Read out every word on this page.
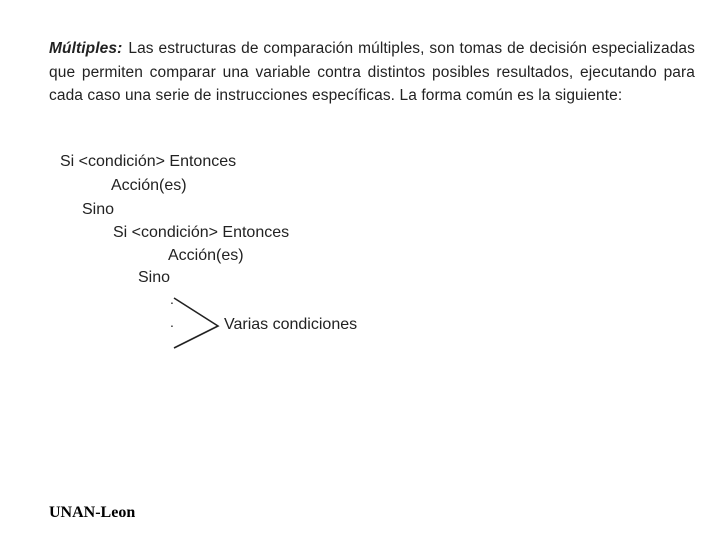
Múltiples: Las estructuras de comparación múltiples, son tomas de decisión especializadas que permiten comparar una variable contra distintos posibles resultados, ejecutando para cada caso una serie de instrucciones específicas. La forma común es la siguiente:
Si <condición> Entonces
Acción(es)
Sino
Si <condición> Entonces
Acción(es)
Sino
.
.	Varias condiciones
UNAN-Leon
